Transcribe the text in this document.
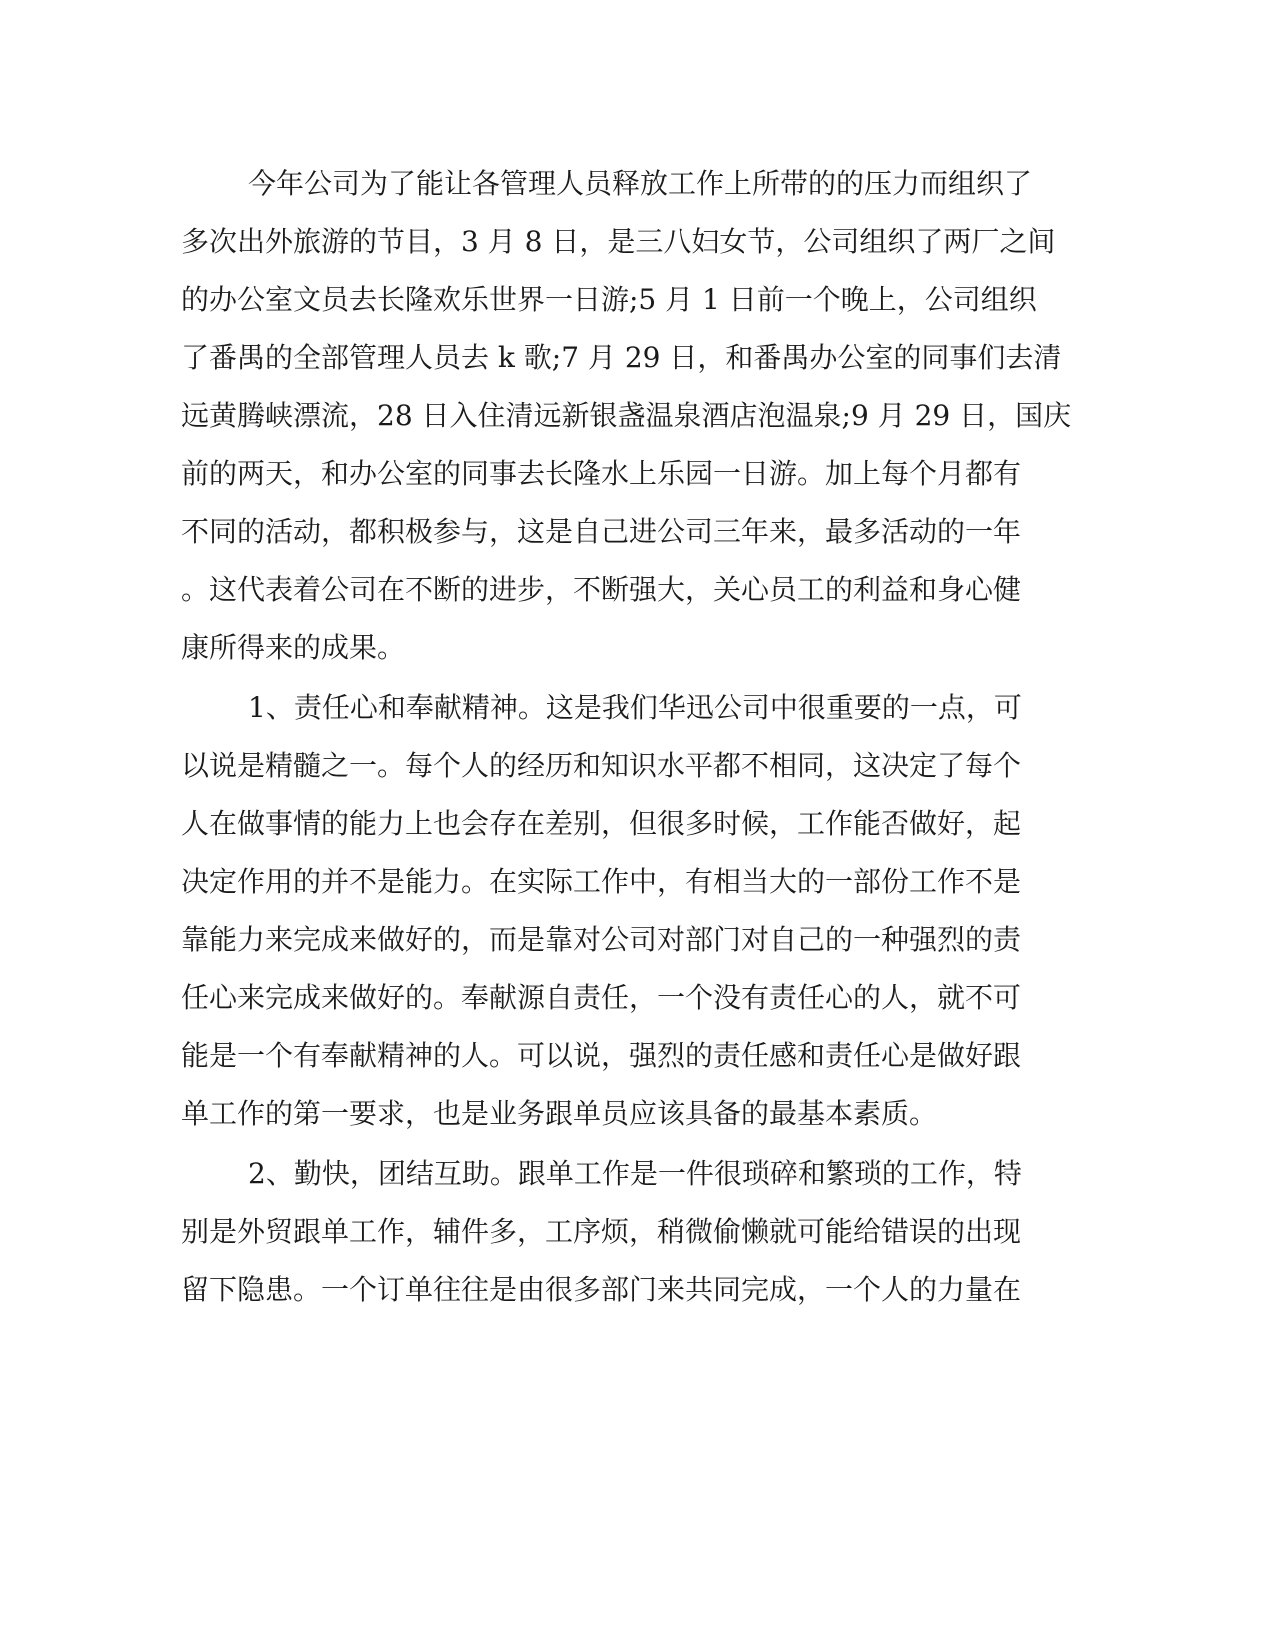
今年公司为了能让各管理人员释放工作上所带的的压力而组织了
多次出外旅游的节目，3 月 8 日，是三八妇女节，公司组织了两厂之间
的办公室文员去长隆欢乐世界一日游;5 月 1 日前一个晚上，公司组织
了番禺的全部管理人员去 k 歌;7 月 29 日，和番禺办公室的同事们去清
远黄腾峡漂流，28 日入住清远新银盏温泉酒店泡温泉;9 月 29 日，国庆
前的两天，和办公室的同事去长隆水上乐园一日游。加上每个月都有
不同的活动，都积极参与，这是自己进公司三年来，最多活动的一年
。这代表着公司在不断的进步，不断强大，关心员工的利益和身心健
康所得来的成果。
1、责任心和奉献精神。这是我们华迅公司中很重要的一点，可
以说是精髓之一。每个人的经历和知识水平都不相同，这决定了每个
人在做事情的能力上也会存在差别，但很多时候，工作能否做好，起
决定作用的并不是能力。在实际工作中，有相当大的一部份工作不是
靠能力来完成来做好的，而是靠对公司对部门对自己的一种强烈的责
任心来完成来做好的。奉献源自责任，一个没有责任心的人，就不可
能是一个有奉献精神的人。可以说，强烈的责任感和责任心是做好跟
单工作的第一要求，也是业务跟单员应该具备的最基本素质。
2、勤快，团结互助。跟单工作是一件很琐碎和繁琐的工作，特
别是外贸跟单工作，辅件多，工序烦，稍微偷懒就可能给错误的出现
留下隐患。一个订单往往是由很多部门来共同完成，一个人的力量在
